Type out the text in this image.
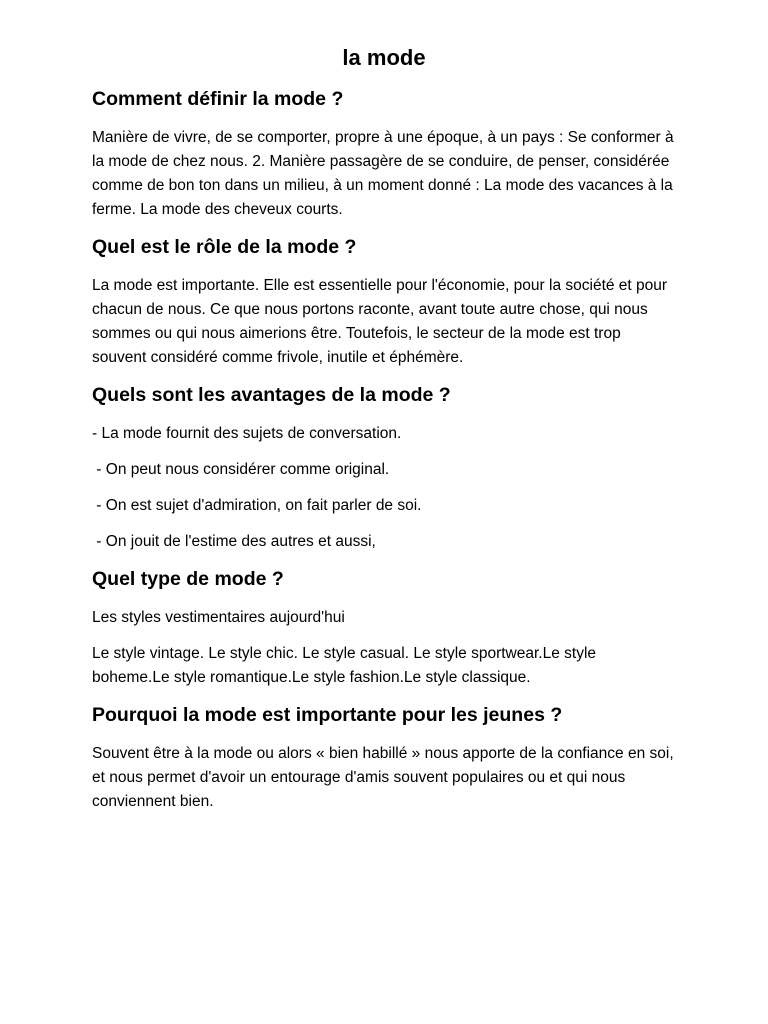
la mode
Comment définir la mode ?

Manière de vivre, de se comporter, propre à une époque, à un pays : Se conformer à la mode de chez nous. 2. Manière passagère de se conduire, de penser, considérée comme de bon ton dans un milieu, à un moment donné : La mode des vacances à la ferme. La mode des cheveux courts.

Quel est le rôle de la mode ?

La mode est importante. Elle est essentielle pour l'économie, pour la société et pour chacun de nous. Ce que nous portons raconte, avant toute autre chose, qui nous sommes ou qui nous aimerions être. Toutefois, le secteur de la mode est trop souvent considéré comme frivole, inutile et éphémère.

Quels sont les avantages de la mode ?

- La mode fournit des sujets de conversation.

- On peut nous considérer comme original.

- On est sujet d'admiration, on fait parler de soi.

- On jouit de l'estime des autres et aussi,

Quel type de mode ?

Les styles vestimentaires aujourd'hui

Le style vintage. Le style chic. Le style casual. Le style sportwear.Le style boheme.Le style romantique.Le style fashion.Le style classique.

Pourquoi la mode est importante pour les jeunes ?

Souvent être à la mode ou alors « bien habillé » nous apporte de la confiance en soi, et nous permet d'avoir un entourage d'amis souvent populaires ou et qui nous conviennent bien.
